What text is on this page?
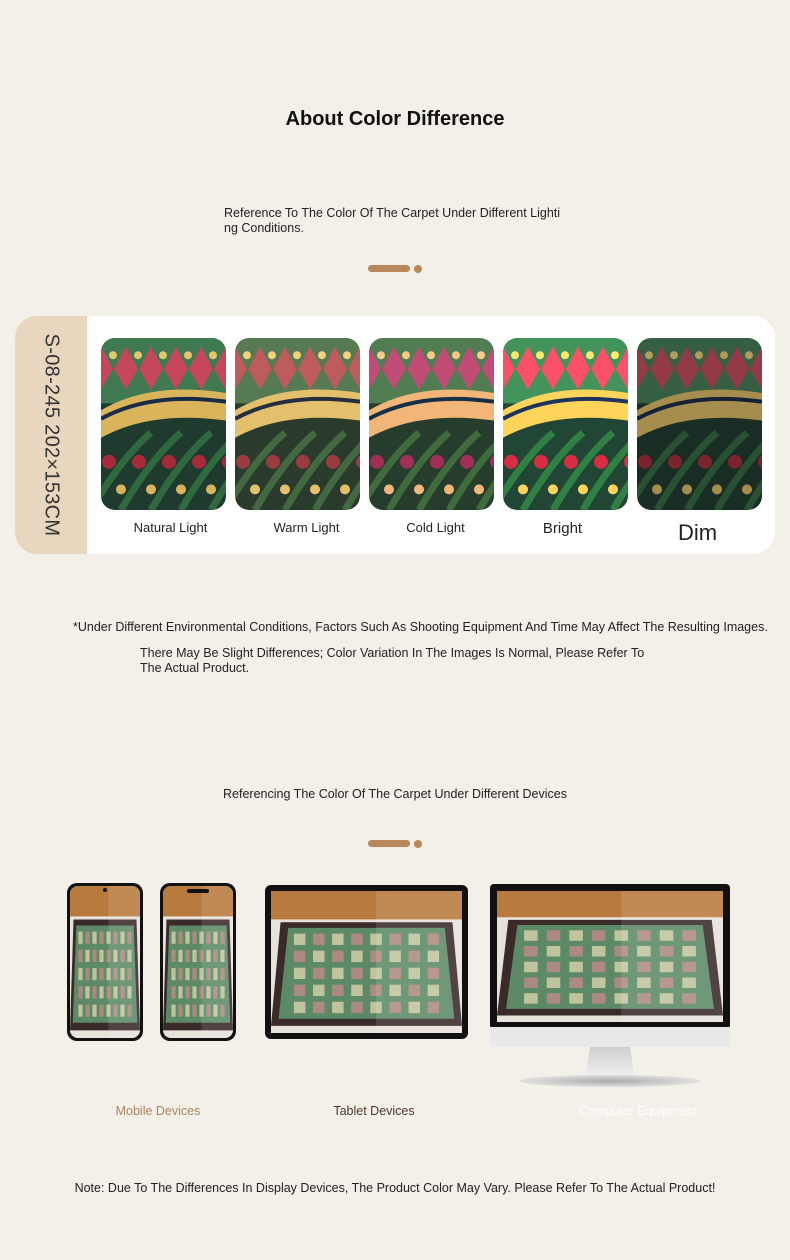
About Color Difference
Reference To The Color Of The Carpet Under Different Lighti
ng Conditions.
S-08-245 202×153CM	Natural Light	Warm Light	Cold Light	Bright	Dim
*Under Different Environmental Conditions, Factors Such As Shooting Equipment And Time May Affect The Resulting Images.
There May Be Slight Differences; Color Variation In The Images Is Normal, Please Refer To
The Actual Product.
Referencing The Color Of The Carpet Under Different Devices
Mobile Devices	Tablet Devices	Computer Equipment
Note: Due To The Differences In Display Devices, The Product Color May Vary. Please Refer To The Actual Product!
